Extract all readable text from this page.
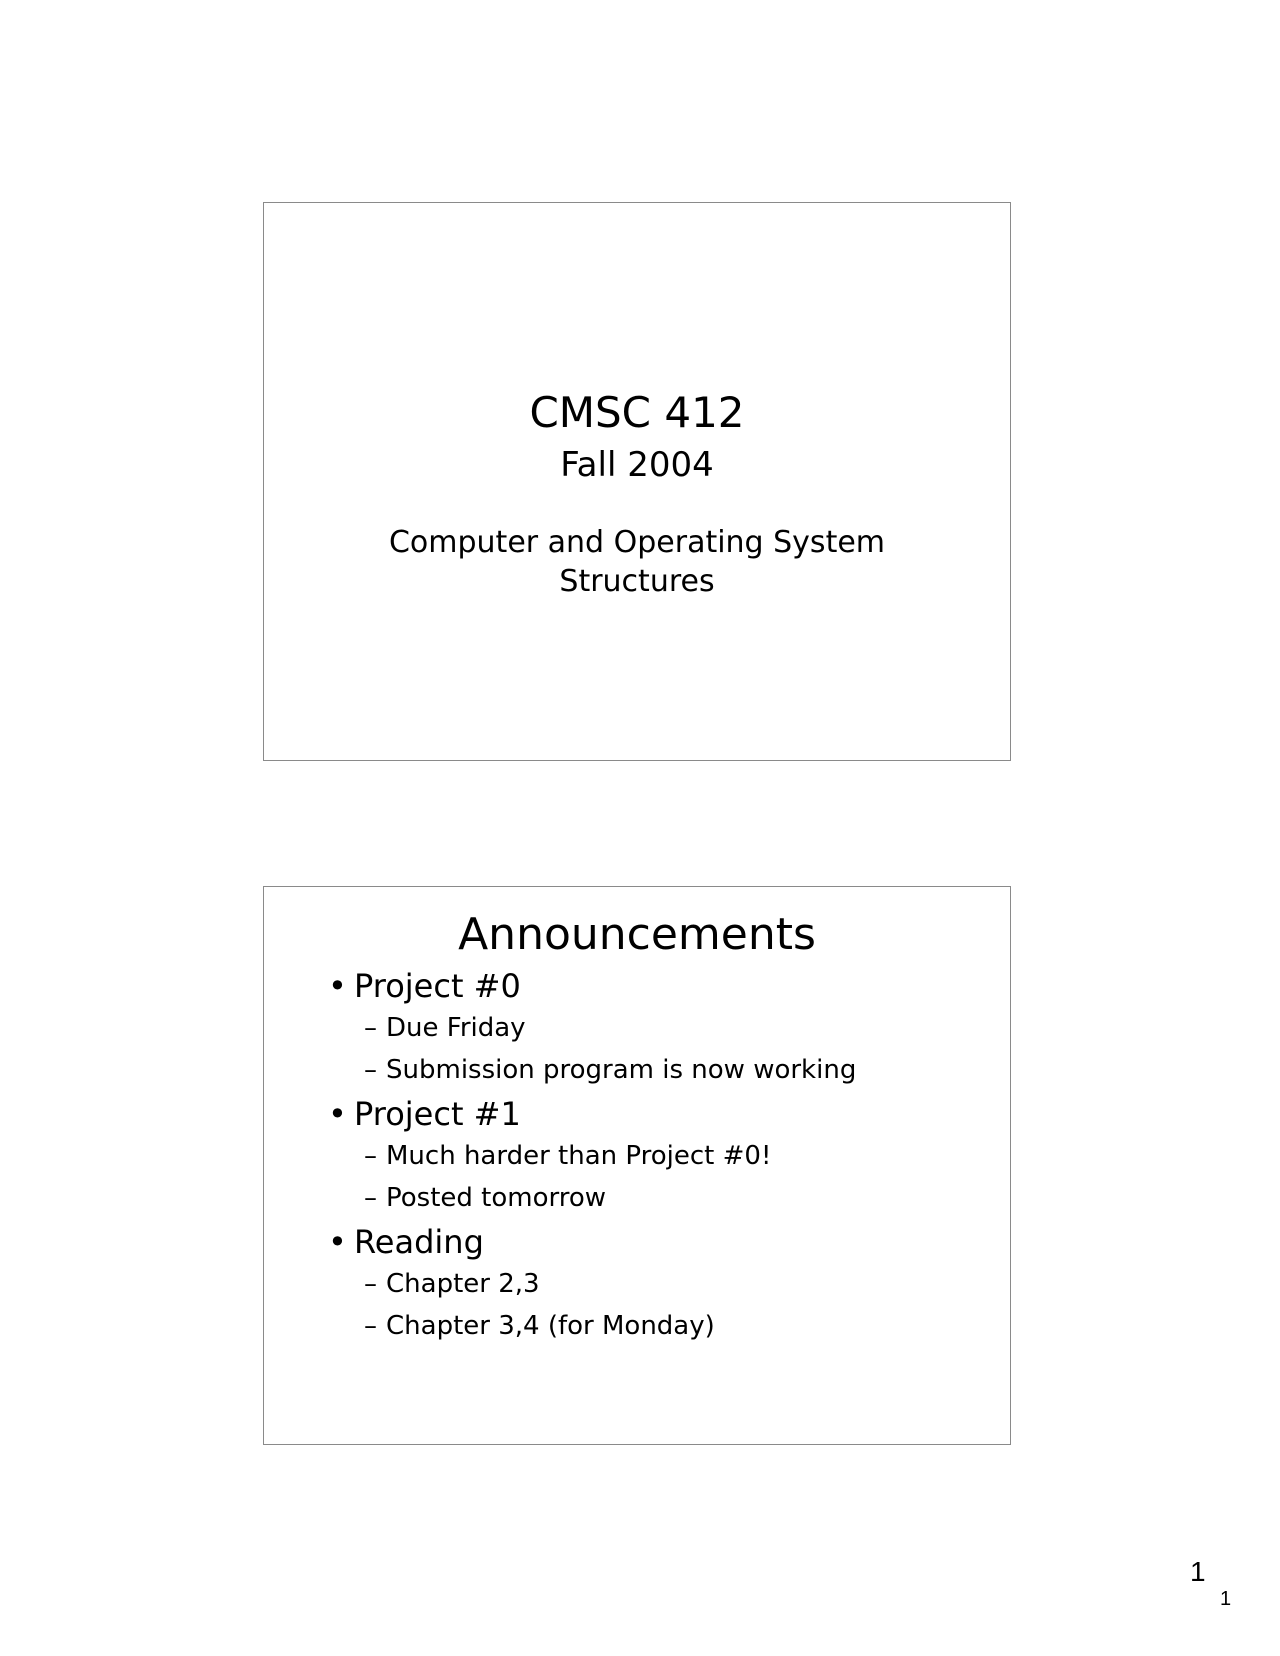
CMSC 412
Fall 2004
Computer and Operating System
Structures
Announcements
• Project #0
– Due Friday
– Submission program is now working
• Project #1
– Much harder than Project #0!
– Posted tomorrow
• Reading
– Chapter 2,3
– Chapter 3,4 (for Monday)
1
1
